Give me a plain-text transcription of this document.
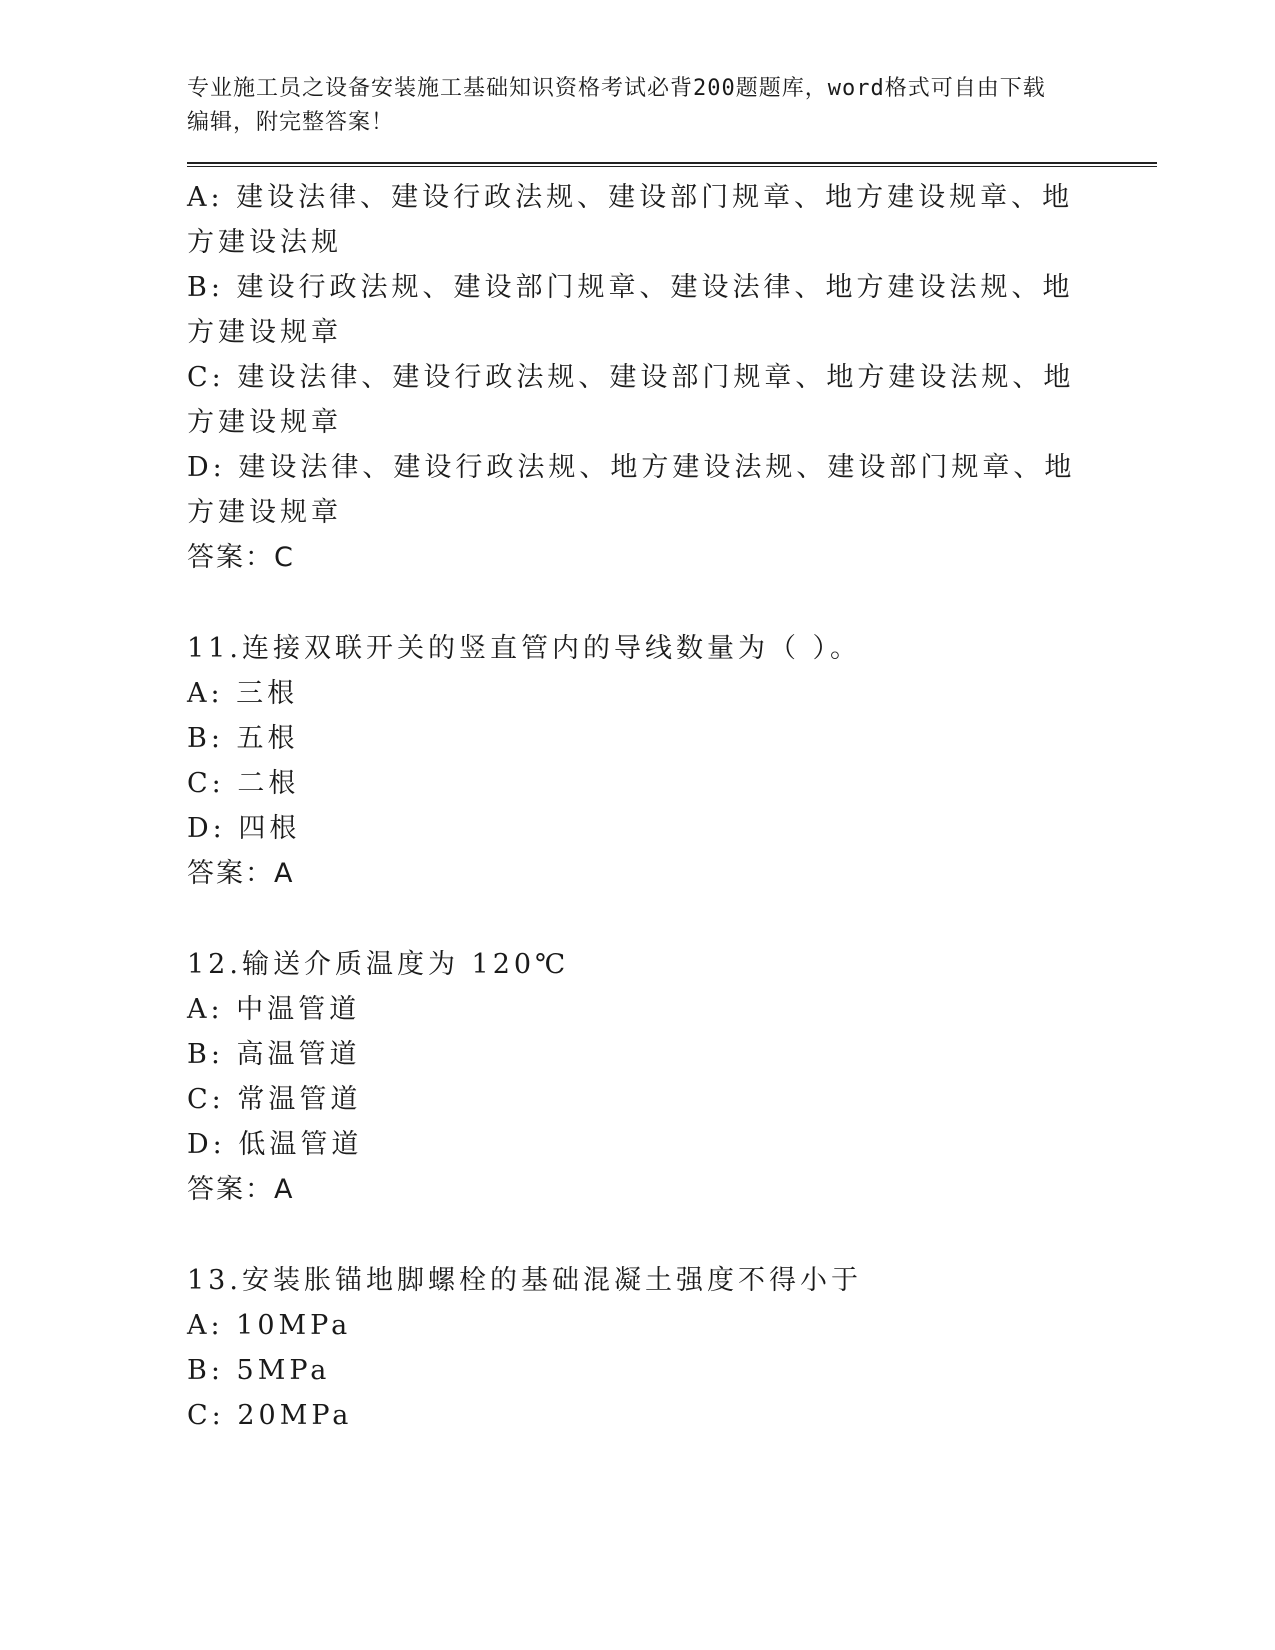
专业施工员之设备安装施工基础知识资格考试必背200题题库，word格式可自由下载编辑，附完整答案！

A: 建设法律、建设行政法规、建设部门规章、地方建设规章、地方建设法规

B: 建设行政法规、建设部门规章、建设法律、地方建设法规、地方建设规章

C: 建设法律、建设行政法规、建设部门规章、地方建设法规、地方建设规章

D: 建设法律、建设行政法规、地方建设法规、建设部门规章、地方建设规章

答案：C

11.连接双联开关的竖直管内的导线数量为（ ）。

A: 三根

B: 五根

C: 二根

D: 四根

答案：A

12.输送介质温度为 120℃

A: 中温管道

B: 高温管道

C: 常温管道

D: 低温管道

答案：A

13.安装胀锚地脚螺栓的基础混凝土强度不得小于

A: 10MPa

B: 5MPa

C: 20MPa
